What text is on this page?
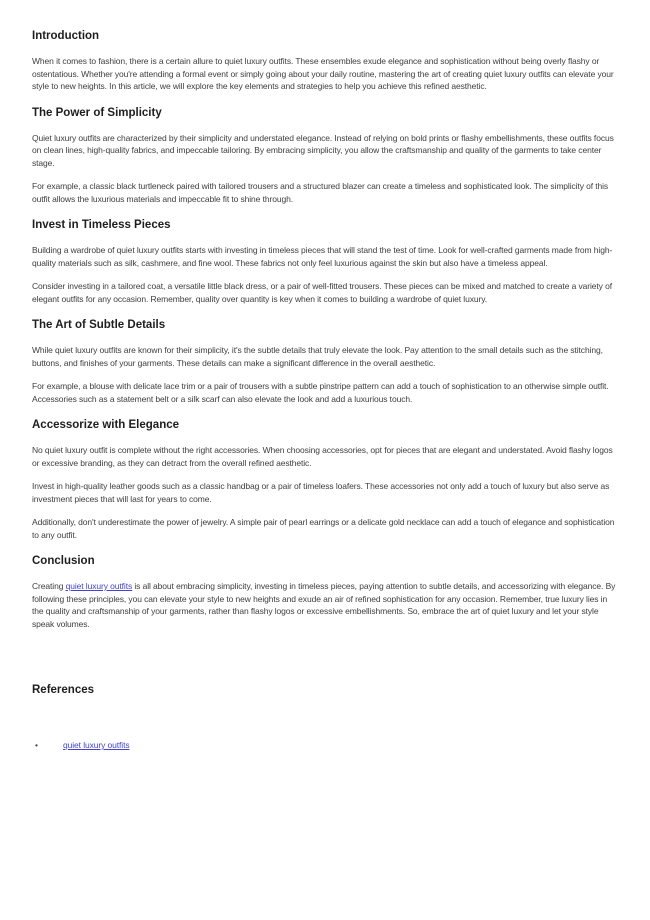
Introduction

When it comes to fashion, there is a certain allure to quiet luxury outfits. These ensembles exude elegance and sophistication without being overly flashy or ostentatious. Whether you're attending a formal event or simply going about your daily routine, mastering the art of creating quiet luxury outfits can elevate your style to new heights. In this article, we will explore the key elements and strategies to help you achieve this refined aesthetic.

The Power of Simplicity

Quiet luxury outfits are characterized by their simplicity and understated elegance. Instead of relying on bold prints or flashy embellishments, these outfits focus on clean lines, high-quality fabrics, and impeccable tailoring. By embracing simplicity, you allow the craftsmanship and quality of the garments to take center stage.

For example, a classic black turtleneck paired with tailored trousers and a structured blazer can create a timeless and sophisticated look. The simplicity of this outfit allows the luxurious materials and impeccable fit to shine through.

Invest in Timeless Pieces

Building a wardrobe of quiet luxury outfits starts with investing in timeless pieces that will stand the test of time. Look for well-crafted garments made from high-quality materials such as silk, cashmere, and fine wool. These fabrics not only feel luxurious against the skin but also have a timeless appeal.

Consider investing in a tailored coat, a versatile little black dress, or a pair of well-fitted trousers. These pieces can be mixed and matched to create a variety of elegant outfits for any occasion. Remember, quality over quantity is key when it comes to building a wardrobe of quiet luxury.

The Art of Subtle Details

While quiet luxury outfits are known for their simplicity, it's the subtle details that truly elevate the look. Pay attention to the small details such as the stitching, buttons, and finishes of your garments. These details can make a significant difference in the overall aesthetic.

For example, a blouse with delicate lace trim or a pair of trousers with a subtle pinstripe pattern can add a touch of sophistication to an otherwise simple outfit. Accessories such as a statement belt or a silk scarf can also elevate the look and add a luxurious touch.

Accessorize with Elegance

No quiet luxury outfit is complete without the right accessories. When choosing accessories, opt for pieces that are elegant and understated. Avoid flashy logos or excessive branding, as they can detract from the overall refined aesthetic.

Invest in high-quality leather goods such as a classic handbag or a pair of timeless loafers. These accessories not only add a touch of luxury but also serve as investment pieces that will last for years to come.

Additionally, don't underestimate the power of jewelry. A simple pair of pearl earrings or a delicate gold necklace can add a touch of elegance and sophistication to any outfit.

Conclusion

Creating quiet luxury outfits is all about embracing simplicity, investing in timeless pieces, paying attention to subtle details, and accessorizing with elegance. By following these principles, you can elevate your style to new heights and exude an air of refined sophistication for any occasion. Remember, true luxury lies in the quality and craftsmanship of your garments, rather than flashy logos or excessive embellishments. So, embrace the art of quiet luxury and let your style speak volumes.

References
•	quiet luxury outfits
